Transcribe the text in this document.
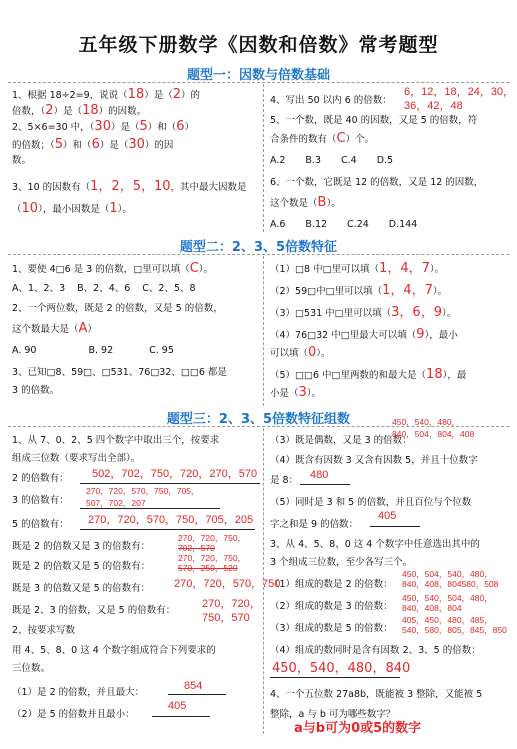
五年级下册数学《因数和倍数》常考题型
题型一：因数与倍数基础
1、根据 18÷2=9，说说（18）是（2）的
倍数，（2）是（18）的因数。
2、5×6=30 中，（30）是（5）和（6）
的倍数；（5）和（6）是（30）的因
数。
3、10 的因数有（1，2，5，10，其中最大因数是
（10），最小因数是（1）。
4、写出 50 以内 6 的倍数：
6，12，18，24，30，
36，42，48
5、一个数，既是 40 的因数，又是 5 的倍数，符
合条件的数有（C）个。
A.2 B.3 C.4 D.5
6、一个数，它既是 12 的倍数，又是 12 的因数，
这个数是（B）。
A.6 B.12 C.24 D.144
题型二：2、3、5倍数特征
1、要使 4□6 是 3 的倍数，□里可以填（C）。
A、1、2、3 B、2、4、6 C、2、5、8
2、一个两位数，既是 2 的倍数，又是 5 的倍数，
这个数最大是（A）
A. 90	B. 92	C. 95
3、已知□8、59□、□531、76□32、□□6 都是
3 的倍数。
（1）□8 中□里可以填（1，4，7）。
（2）59□中□里可以填（1，4，7）。
（3）□531 中□里可以填（3，6，9）。
（4）76□32 中□里最大可以填（9），最小
可以填（0）。
（5）□□6 中□里两数的和最大是（18），最
小是（3）。
题型三：2、3、5倍数特征组数
1、从 7、0、2、5 四个数字中取出三个，按要求
组成三位数（要求写出全部）。
2 的倍数有： 502，702，750，720，270，570
3 的倍数有：
270，720，570，750，705，
507，702，207
5 的倍数有： 270，720，570，750，705，205
既是 2 的倍数又是 3 的倍数有：
270，720，750，
702，570
既是 2 的倍数又是 5 的倍数有：
270，720，750，
570，250，520
既是 3 的倍数又是 5 的倍数有： 270，720，570，750
既是 2、3 的倍数，又是 5 的倍数有：
270，720，
750，570
2、按要求写数
用 4、5、8、0 这 4 个数字组成符合下列要求的
三位数。
（1）是 2 的倍数，并且最大：
854
（2）是 5 的倍数并且最小：
405
（3）既是偶数，又是 3 的倍数：
450，540，480，
840，504，804，408
（4）既含有因数 3 又含有因数 5，并且十位数字
是 8： 480
（5）同时是 3 和 5 的倍数，并且百位与个位数
字之和是 9 的倍数：
405
3、从 4、5、8、0 这 4 个数字中任意选出其中的
3 个组成三位数，至少各写三个。
（1）组成的数是 2 的倍数：
450，504，540，480，
840，408，804580，508
（2）组成的数是 3 的倍数：
450，540，504，480，
840，408，804
（3）组成的数是 5 的倍数：
405，450，480，485，
540，580，805，845，850
（4）组成的数同时是含有因数 2、3、5 的倍数：
450，540，480，840
4、一个五位数 27a8b，既能被 3 整除，又能被 5
整除，a 与 b 可为哪些数字？
a与b可为0或5的数字
